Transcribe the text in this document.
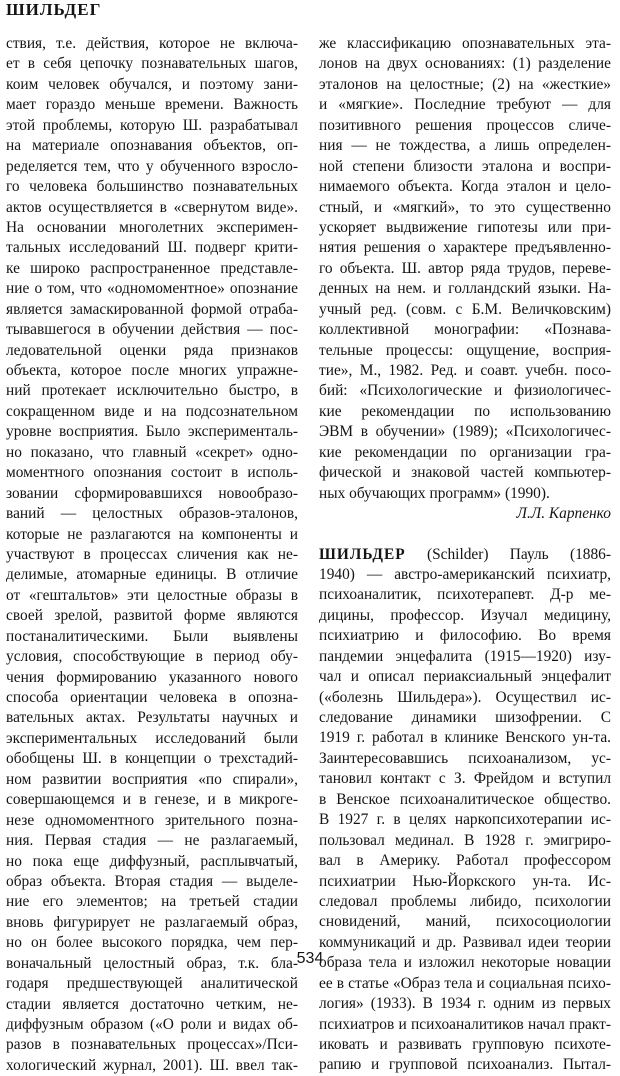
ШИЛЬДЕГ
ствия, т.е. действия, которое не включа-
ет в себя цепочку познавательных шагов,
коим человек обучался, и поэтому зани-
мает гораздо меньше времени. Важность
этой проблемы, которую Ш. разрабатывал
на материале опознавания объектов, оп-
ределяется тем, что у обученного взросло-
го человека большинство познавательных
актов осуществляется в «свернутом виде».
На основании многолетних эксперимен-
тальных исследований Ш. подверг крити-
ке широко распространенное представле-
ние о том, что «одномоментное» опознание
является замаскированной формой отраба-
тывавшегося в обучении действия — пос-
ледовательной оценки ряда признаков
объекта, которое после многих упражне-
ний протекает исключительно быстро, в
сокращенном виде и на подсознательном
уровне восприятия. Было эксперименталь-
но показано, что главный «секрет» одно-
моментного опознания состоит в исполь-
зовании сформировавшихся новообразо-
ваний — целостных образов-эталонов,
которые не разлагаются на компоненты и
участвуют в процессах сличения как не-
делимые, атомарные единицы. В отличие
от «гештальтов» эти целостные образы в
своей зрелой, развитой форме являются
постаналитическими. Были выявлены
условия, способствующие в период обу-
чения формированию указанного нового
способа ориентации человека в опозна-
вательных актах. Результаты научных и
экспериментальных исследований были
обобщены Ш. в концепции о трехстадий-
ном развитии восприятия «по спирали»,
совершающемся и в генезе, и в микроге-
незе одномоментного зрительного позна-
ния. Первая стадия — не разлагаемый,
но пока еще диффузный, расплывчатый,
образ объекта. Вторая стадия — выделе-
ние его элементов; на третьей стадии
вновь фигурирует не разлагаемый образ,
но он более высокого порядка, чем пер-
воначальный целостный образ, т.к. бла-
годаря предшествующей аналитической
стадии является достаточно четким, не-
диффузным образом («О роли и видах об-
разов в познавательных процессах»/Пси-
хологический журнал, 2001). Ш. ввел так-
же классификацию опознавательных эта-
лонов на двух основаниях: (1) разделение
эталонов на целостные; (2) на «жесткие»
и «мягкие». Последние требуют — для
позитивного решения процессов сличе-
ния — не тождества, а лишь определен-
ной степени близости эталона и воспри-
нимаемого объекта. Когда эталон и цело-
стный, и «мягкий», то это существенно
ускоряет выдвижение гипотезы или при-
нятия решения о характере предъявленно-
го объекта. Ш. автор ряда трудов, переве-
денных на нем. и голландский языки. На-
учный ред. (совм. с Б.М. Величковским)
коллективной монографии: «Познава-
тельные процессы: ощущение, восприя-
тие», М., 1982. Ред. и соавт. учебн. посо-
бий: «Психологические и физиологичес-
кие рекомендации по использованию
ЭВМ в обучении» (1989); «Психологичес-
кие рекомендации по организации гра-
фической и знаковой частей компьютер-
ных обучающих программ» (1990).
Л.Л. Карпенко
ШИЛЬДЕР (Schilder) Пауль (1886-
1940) — австро-американский психиатр,
психоаналитик, психотерапевт. Д-р ме-
дицины, профессор. Изучал медицину,
психиатрию и философию. Во время
пандемии энцефалита (1915—1920) изу-
чал и описал периаксиальный энцефалит
(«болезнь Шильдера»). Осуществил ис-
следование динамики шизофрении. С
1919 г. работал в клинике Венского ун-та.
Заинтересовавшись психоанализом, ус-
тановил контакт с З. Фрейдом и вступил
в Венское психоаналитическое общество.
В 1927 г. в целях наркопсихотерапии ис-
пользовал мединал. В 1928 г. эмигриро-
вал в Америку. Работал профессором
психиатрии Нью-Йоркского ун-та. Ис-
следовал проблемы либидо, психологии
сновидений, маний, психосоциологии
коммуникаций и др. Развивал идеи теории
образа тела и изложил некоторые новации
ее в статье «Образ тела и социальная психо-
логия» (1933). В 1934 г. одним из первых
психиатров и психоаналитиков начал практ-
иковать и развивать групповую психоте-
рапию и групповой психоанализ. Пытал-
534
